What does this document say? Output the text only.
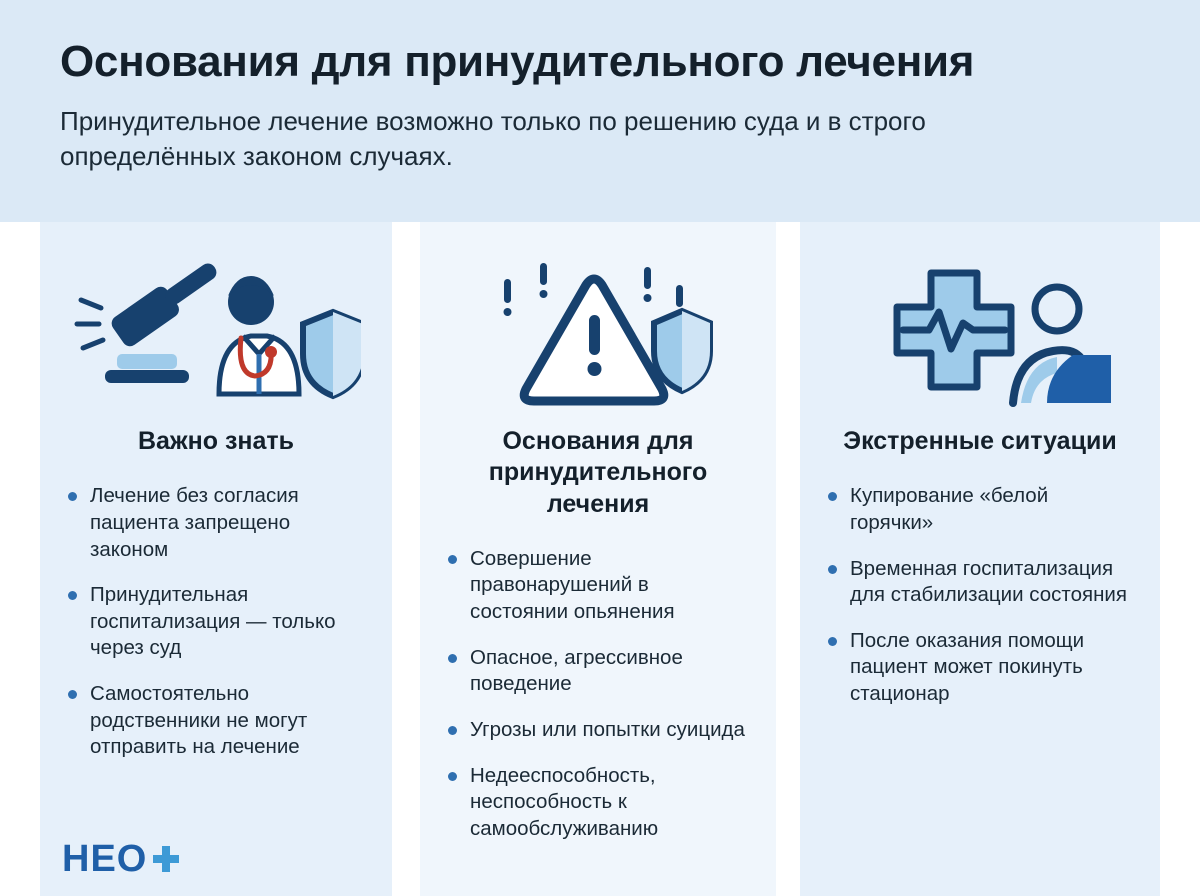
Основания для принудительного лечения

Принудительное лечение возможно только по решению суда и в строго определённых законом случаях.

Важно знать
Лечение без согласия пациента запрещено законом
Принудительная госпитализация — только через суд
Самостоятельно родственники не могут отправить на лечение
Основания для принудительного лечения
Совершение правонарушений в состоянии опьянения
Опасное, агрессивное поведение
Угрозы или попытки суицида
Недееспособность, неспособность к самообслуживанию
Экстренные ситуации
Купирование «белой горячки»
Временная госпитализация для стабилизации состояния
После оказания помощи пациент может покинуть стационар
НЕО
